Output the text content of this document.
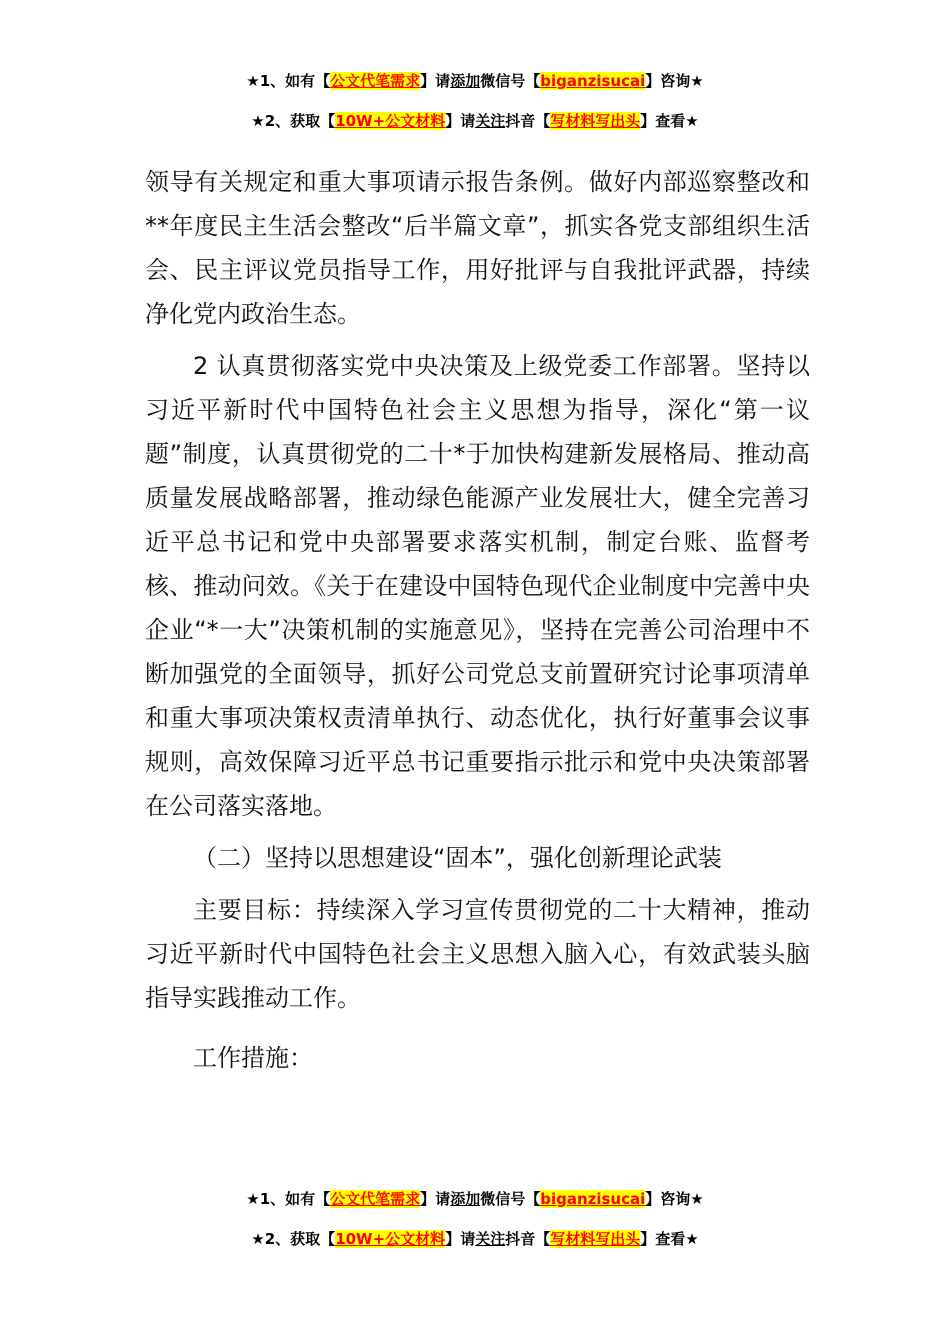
★1、如有【公文代笔需求】请添加微信号【biganzisucai】咨询★
★2、获取【10W+公文材料】请关注抖音【写材料写出头】查看★

领导有关规定和重大事项请示报告条例。做好内部巡察整改和**年度民主生活会整改“后半篇文章”，抓实各党支部组织生活会、民主评议党员指导工作，用好批评与自我批评武器，持续净化党内政治生态。

2 认真贯彻落实党中央决策及上级党委工作部署。坚持以习近平新时代中国特色社会主义思想为指导，深化“第一议题”制度，认真贯彻党的二十*于加快构建新发展格局、推动高质量发展战略部署，推动绿色能源产业发展壮大，健全完善习近平总书记和党中央部署要求落实机制，制定台账、监督考核、推动问效。《关于在建设中国特色现代企业制度中完善中央企业“*一大”决策机制的实施意见》，坚持在完善公司治理中不断加强党的全面领导，抓好公司党总支前置研究讨论事项清单和重大事项决策权责清单执行、动态优化，执行好董事会议事规则，高效保障习近平总书记重要指示批示和党中央决策部署在公司落实落地。

（二）坚持以思想建设“固本”，强化创新理论武装

主要目标：持续深入学习宣传贯彻党的二十大精神，推动习近平新时代中国特色社会主义思想入脑入心，有效武装头脑指导实践推动工作。

工作措施：

★1、如有【公文代笔需求】请添加微信号【biganzisucai】咨询★
★2、获取【10W+公文材料】请关注抖音【写材料写出头】查看★
